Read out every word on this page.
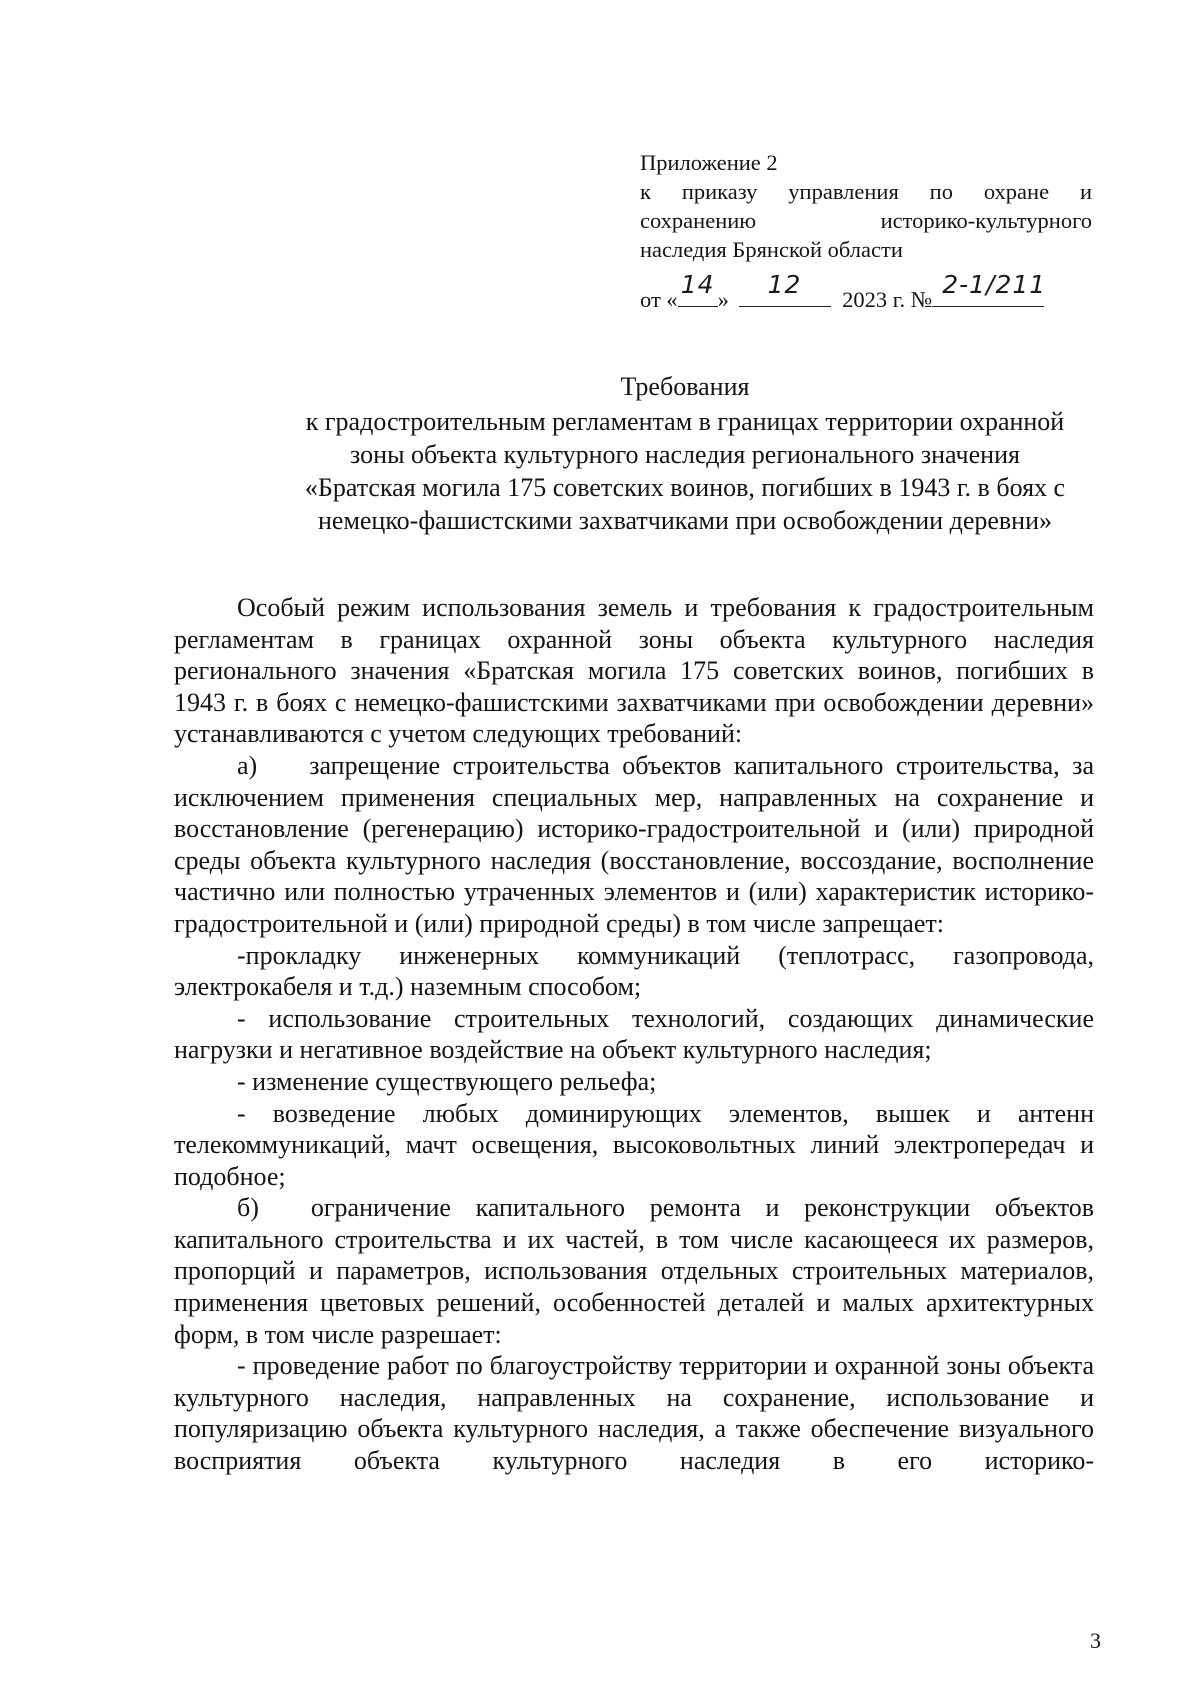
Приложение 2
к приказу управления по охране и
сохранению историко-культурного
наследия Брянской области
от «
14
»
12
2023 г. №
2-1/211
Требования
к градостроительным регламентам в границах территории охранной
зоны объекта культурного наследия регионального значения
«Братская могила 175 советских воинов, погибших в 1943 г. в боях с
немецко-фашистскими захватчиками при освобождении деревни»

Особый режим использования земель и требования к градостроительным регламентам в границах охранной зоны объекта культурного наследия регионального значения «Братская могила 175 советских воинов, погибших в 1943 г. в боях с немецко-фашистскими захватчиками при освобождении деревни» устанавливаются с учетом следующих требований:

а)  запрещение строительства объектов капитального строительства, за исключением применения специальных мер, направленных на сохранение и восстановление (регенерацию) историко-градостроительной и (или) природной среды объекта культурного наследия (восстановление, воссоздание, восполнение частично или полностью утраченных элементов и (или) характеристик историко-градостроительной и (или) природной среды) в том числе запрещает:

-прокладку инженерных коммуникаций (теплотрасс, газопровода, электрокабеля и т.д.) наземным способом;

- использование строительных технологий, создающих динамические нагрузки и негативное воздействие на объект культурного наследия;

- изменение существующего рельефа;

- возведение любых доминирующих элементов, вышек и антенн телекоммуникаций, мачт освещения, высоковольтных линий электропередач и подобное;

б)  ограничение капитального ремонта и реконструкции объектов капитального строительства и их частей, в том числе касающееся их размеров, пропорций и параметров, использования отдельных строительных материалов, применения цветовых решений, особенностей деталей и малых архитектурных форм, в том числе разрешает:

- проведение работ по благоустройству территории и охранной зоны объекта культурного наследия, направленных на сохранение, использование и популяризацию объекта культурного наследия, а также обеспечение визуального восприятия объекта культурного наследия в его историко-

3
